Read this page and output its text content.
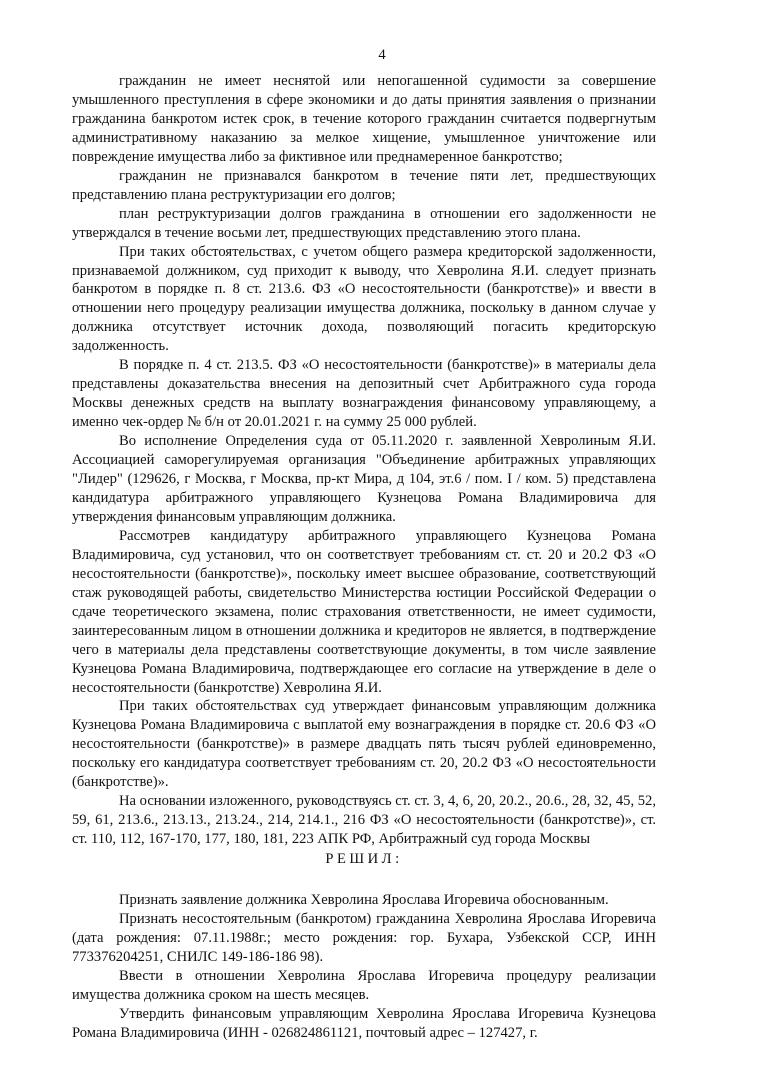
4

гражданин не имеет неснятой или непогашенной судимости за совершение умышленного преступления в сфере экономики и до даты принятия заявления о признании гражданина банкротом истек срок, в течение которого гражданин считается подвергнутым административному наказанию за мелкое хищение, умышленное уничтожение или повреждение имущества либо за фиктивное или преднамеренное банкротство;

гражданин не признавался банкротом в течение пяти лет, предшествующих представлению плана реструктуризации его долгов;

план реструктуризации долгов гражданина в отношении его задолженности не утверждался в течение восьми лет, предшествующих представлению этого плана.

При таких обстоятельствах, с учетом общего размера кредиторской задолженности, признаваемой должником, суд приходит к выводу, что Хевролина Я.И. следует признать банкротом в порядке п. 8 ст. 213.6. ФЗ «О несостоятельности (банкротстве)» и ввести в отношении него процедуру реализации имущества должника, поскольку в данном случае у должника отсутствует источник дохода, позволяющий погасить кредиторскую задолженность.

В порядке п. 4 ст. 213.5. ФЗ «О несостоятельности (банкротстве)» в материалы дела представлены доказательства внесения на депозитный счет Арбитражного суда города Москвы денежных средств на выплату вознаграждения финансовому управляющему, а именно чек-ордер № б/н от 20.01.2021 г. на сумму 25 000 рублей.

Во исполнение Определения суда от 05.11.2020 г. заявленной Хевролиным Я.И. Ассоциацией саморегулируемая организация "Объединение арбитражных управляющих "Лидер" (129626, г Москва, г Москва, пр-кт Мира, д 104, эт.6 / пом. I / ком. 5) представлена кандидатура арбитражного управляющего Кузнецова Романа Владимировича для утверждения финансовым управляющим должника.

Рассмотрев кандидатуру арбитражного управляющего Кузнецова Романа Владимировича, суд установил, что он соответствует требованиям ст. ст. 20 и 20.2 ФЗ «О несостоятельности (банкротстве)», поскольку имеет высшее образование, соответствующий стаж руководящей работы, свидетельство Министерства юстиции Российской Федерации о сдаче теоретического экзамена, полис страхования ответственности, не имеет судимости, заинтересованным лицом в отношении должника и кредиторов не является, в подтверждение чего в материалы дела представлены соответствующие документы, в том числе заявление Кузнецова Романа Владимировича, подтверждающее его согласие на утверждение в деле о несостоятельности (банкротстве) Хевролина Я.И.

При таких обстоятельствах суд утверждает финансовым управляющим должника Кузнецова Романа Владимировича с выплатой ему вознаграждения в порядке ст. 20.6 ФЗ «О несостоятельности (банкротстве)» в размере двадцать пять тысяч рублей единовременно, поскольку его кандидатура соответствует требованиям ст. 20, 20.2 ФЗ «О несостоятельности (банкротстве)».

На основании изложенного, руководствуясь ст. ст. 3, 4, 6, 20, 20.2., 20.6., 28, 32, 45, 52, 59, 61, 213.6., 213.13., 213.24., 214, 214.1., 216 ФЗ «О несостоятельности (банкротстве)», ст. ст. 110, 112, 167-170, 177, 180, 181, 223 АПК РФ, Арбитражный суд города Москвы

РЕШИЛ:

Признать заявление должника Хевролина Ярослава Игоревича обоснованным.

Признать несостоятельным (банкротом) гражданина Хевролина Ярослава Игоревича (дата рождения: 07.11.1988г.; место рождения: гор. Бухара, Узбекской ССР, ИНН 773376204251, СНИЛС 149-186-186 98).

Ввести в отношении Хевролина Ярослава Игоревича процедуру реализации имущества должника сроком на шесть месяцев.

Утвердить финансовым управляющим Хевролина Ярослава Игоревича Кузнецова Романа Владимировича (ИНН - 026824861121, почтовый адрес – 127427, г.
